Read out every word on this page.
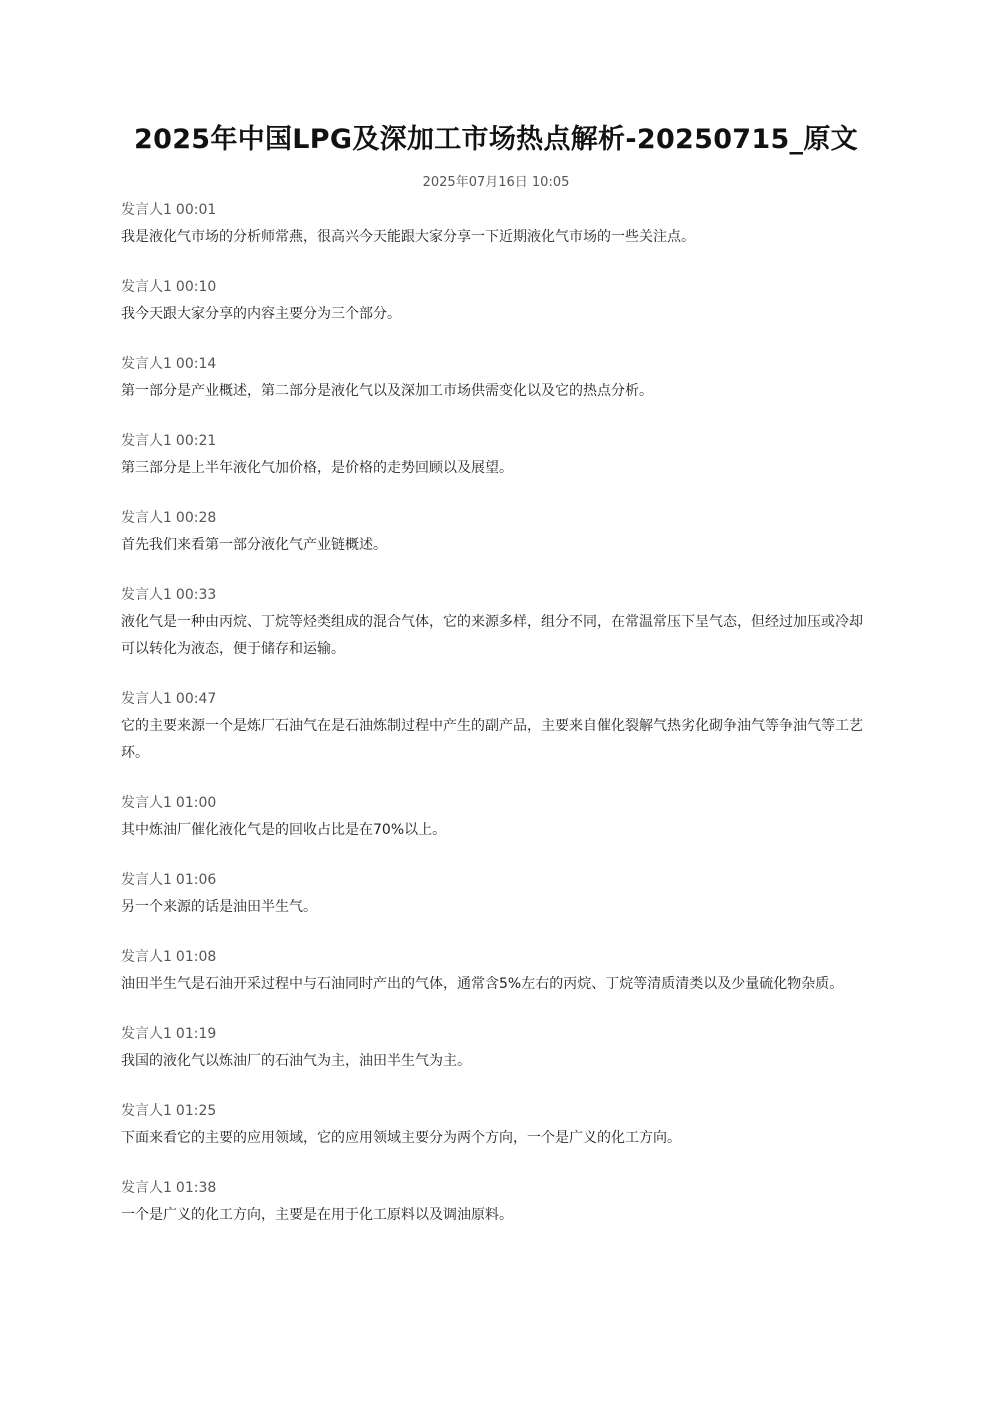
2025年中国LPG及深加工市场热点解析-20250715_原文
2025年07月16日 10:05
发言人1 00:01
我是液化气市场的分析师常燕，很高兴今天能跟大家分享一下近期液化气市场的一些关注点。
发言人1 00:10
我今天跟大家分享的内容主要分为三个部分。
发言人1 00:14
第一部分是产业概述，第二部分是液化气以及深加工市场供需变化以及它的热点分析。
发言人1 00:21
第三部分是上半年液化气加价格，是价格的走势回顾以及展望。
发言人1 00:28
首先我们来看第一部分液化气产业链概述。
发言人1 00:33
液化气是一种由丙烷、丁烷等烃类组成的混合气体，它的来源多样，组分不同，在常温常压下呈气态，但经过加压或冷却可以转化为液态，便于储存和运输。
发言人1 00:47
它的主要来源一个是炼厂石油气在是石油炼制过程中产生的副产品，主要来自催化裂解气热劣化砌争油气等争油气等工艺环。
发言人1 01:00
其中炼油厂催化液化气是的回收占比是在70%以上。
发言人1 01:06
另一个来源的话是油田半生气。
发言人1 01:08
油田半生气是石油开采过程中与石油同时产出的气体，通常含5%左右的丙烷、丁烷等清质清类以及少量硫化物杂质。
发言人1 01:19
我国的液化气以炼油厂的石油气为主，油田半生气为主。
发言人1 01:25
下面来看它的主要的应用领域，它的应用领域主要分为两个方向，一个是广义的化工方向。
发言人1 01:38
一个是广义的化工方向，主要是在用于化工原料以及调油原料。
